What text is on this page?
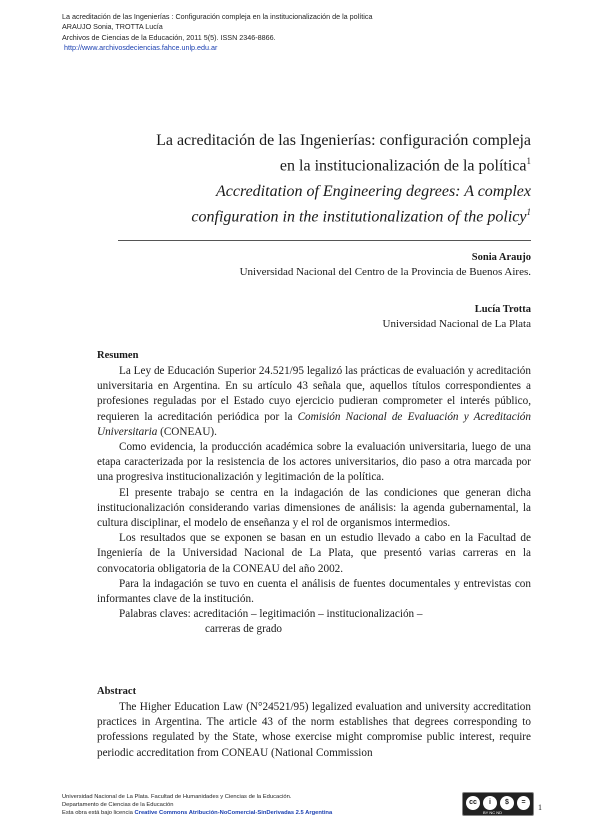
La acreditación de las Ingenierías : Configuración compleja en la institucionalización de la política
ARAUJO Sonia, TROTTA Lucía
Archivos de Ciencias de la Educación, 2011 5(5). ISSN 2346-8866.
http://www.archivosdeciencias.fahce.unlp.edu.ar
La acreditación de las Ingenierías: configuración compleja
en la institucionalización de la política$^1$
Accreditation of Engineering degrees: A complex
configuration in the institutionalization of the policy$^1$
Sonia Araujo
Universidad Nacional del Centro de la Provincia de Buenos Aires.
Lucía Trotta
Universidad Nacional de La Plata
Resumen

La Ley de Educación Superior 24.521/95 legalizó las prácticas de evaluación y acreditación universitaria en Argentina. En su artículo 43 señala que, aquellos títulos correspondientes a profesiones reguladas por el Estado cuyo ejercicio pudieran comprometer el interés público, requieren la acreditación periódica por la Comisión Nacional de Evaluación y Acreditación Universitaria (CONEAU).

Como evidencia, la producción académica sobre la evaluación universitaria, luego de una etapa caracterizada por la resistencia de los actores universitarios, dio paso a otra marcada por una progresiva institucionalización y legitimación de la política.

El presente trabajo se centra en la indagación de las condiciones que generan dicha institucionalización considerando varias dimensiones de análisis: la agenda gubernamental, la cultura disciplinar, el modelo de enseñanza y el rol de organismos intermedios.

Los resultados que se exponen se basan en un estudio llevado a cabo en la Facultad de Ingeniería de la Universidad Nacional de La Plata, que presentó varias carreras en la convocatoria obligatoria de la CONEAU del año 2002.

Para la indagación se tuvo en cuenta el análisis de fuentes documentales y entrevistas con informantes clave de la institución.

Palabras claves: acreditación – legitimación – institucionalización –
carreras de grado
Abstract

The Higher Education Law (N°24521/95) legalized evaluation and university accreditation practices in Argentina. The article 43 of the norm establishes that degrees corresponding to professions regulated by the State, whose exercise might compromise public interest, require periodic accreditation from CONEAU (National Commission

Universidad Nacional de La Plata. Facultad de Humanidades y Ciencias de la Educación.
Departamento de Ciencias de la Educación
Esta obra está bajo licencia Creative Commons Atribución-NoComercial-SinDerivadas 2.5 Argentina
cc	i	$	=
BY NC ND
1
